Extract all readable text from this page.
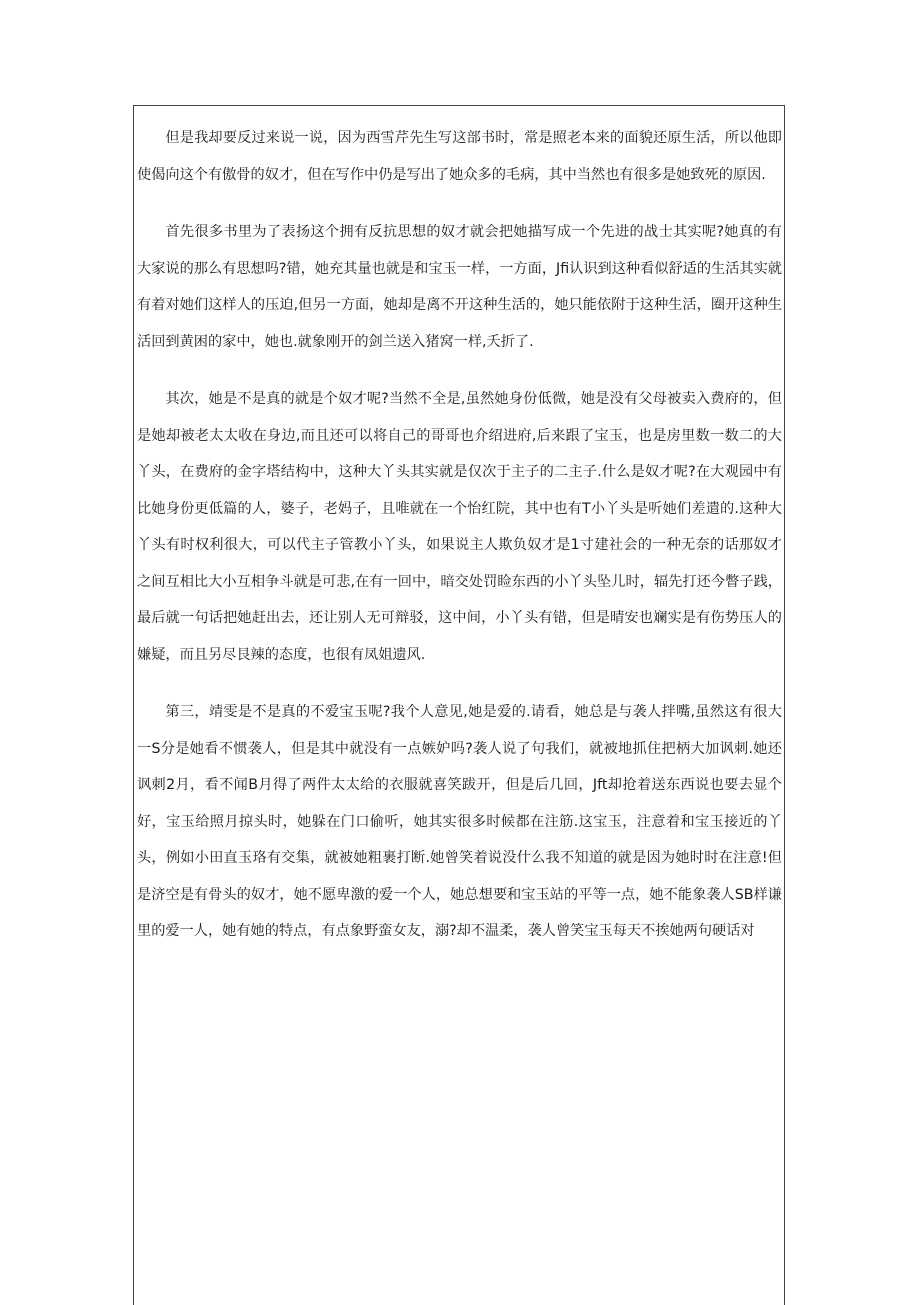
但是我却要反过来说一说，因为西雪芹先生写这部书时，常是照老本来的面貌还原生活，所以他即使偈向这个有傲骨的奴才，但在写作中仍是写出了她众多的毛病，其中当然也有很多是她致死的原因.

首先很多书里为了表扬这个拥有反抗思想的奴才就会把她描写成一个先进的战士其实呢?她真的有大家说的那么有思想吗?错，她充其量也就是和宝玉一样，一方面，Jfi认识到这种看似舒适的生活其实就有着对她们这样人的压迫,但另一方面，她却是离不开这种生活的，她只能依附于这种生活，圈开这种生活回到黄困的家中，她也.就象刚开的剑兰送入猪窝一样,夭折了.

其次，她是不是真的就是个奴才呢?当然不全是,虽然她身份低微，她是没有父母被卖入费府的，但是她却被老太太收在身边,而且还可以将自己的哥哥也介绍进府,后来跟了宝玉，也是房里数一数二的大丫头，在费府的金字塔结构中，这种大丫头其实就是仅次于主子的二主子.什么是奴才呢?在大观园中有比她身份更低篇的人，婆子，老妈子，且唯就在一个怡红院，其中也有T小丫头是听她们差遣的.这种大丫头有时权利很大，可以代主子管教小丫头，如果说主人欺负奴才是1寸建社会的一种无奈的话那奴才之间互相比大小互相争斗就是可悲,在有一回中，暗交处罚睑东西的小丫头坠儿时，辐先打还今瞥子践，最后就一句话把她赶出去，还让别人无可辩驳，这中间，小丫头有错，但是晴安也斓实是有伤势压人的嫌疑，而且另尽艮辣的态度，也很有凤姐遗风.

第三，靖雯是不是真的不爱宝玉呢?我个人意见,她是爱的.请看，她总是与袭人拌嘴,虽然这有很大一S分是她看不惯袭人，但是其中就没有一点嫉妒吗?袭人说了句我们，就被地抓住把柄大加讽刺.她还讽刺2月，看不闻B月得了两件太太给的衣服就喜笑跋开，但是后几回，Jft却抢着送东西说也要去显个好，宝玉给照月掠头时，她躲在门口偷听，她其实很多时候都在注筋.这宝玉，注意着和宝玉接近的丫头，例如小田直玉珞有交集，就被她粗裹打断.她曾笑着说没什么我不知道的就是因为她时时在注意!但是济空是有骨头的奴才，她不愿卑激的爱一个人，她总想要和宝玉站的平等一点，她不能象袭人SB样谦里的爱一人，她有她的特点，有点象野蛮女友，溺?却不温柔，袭人曾笑宝玉每天不挨她两句硬话对
